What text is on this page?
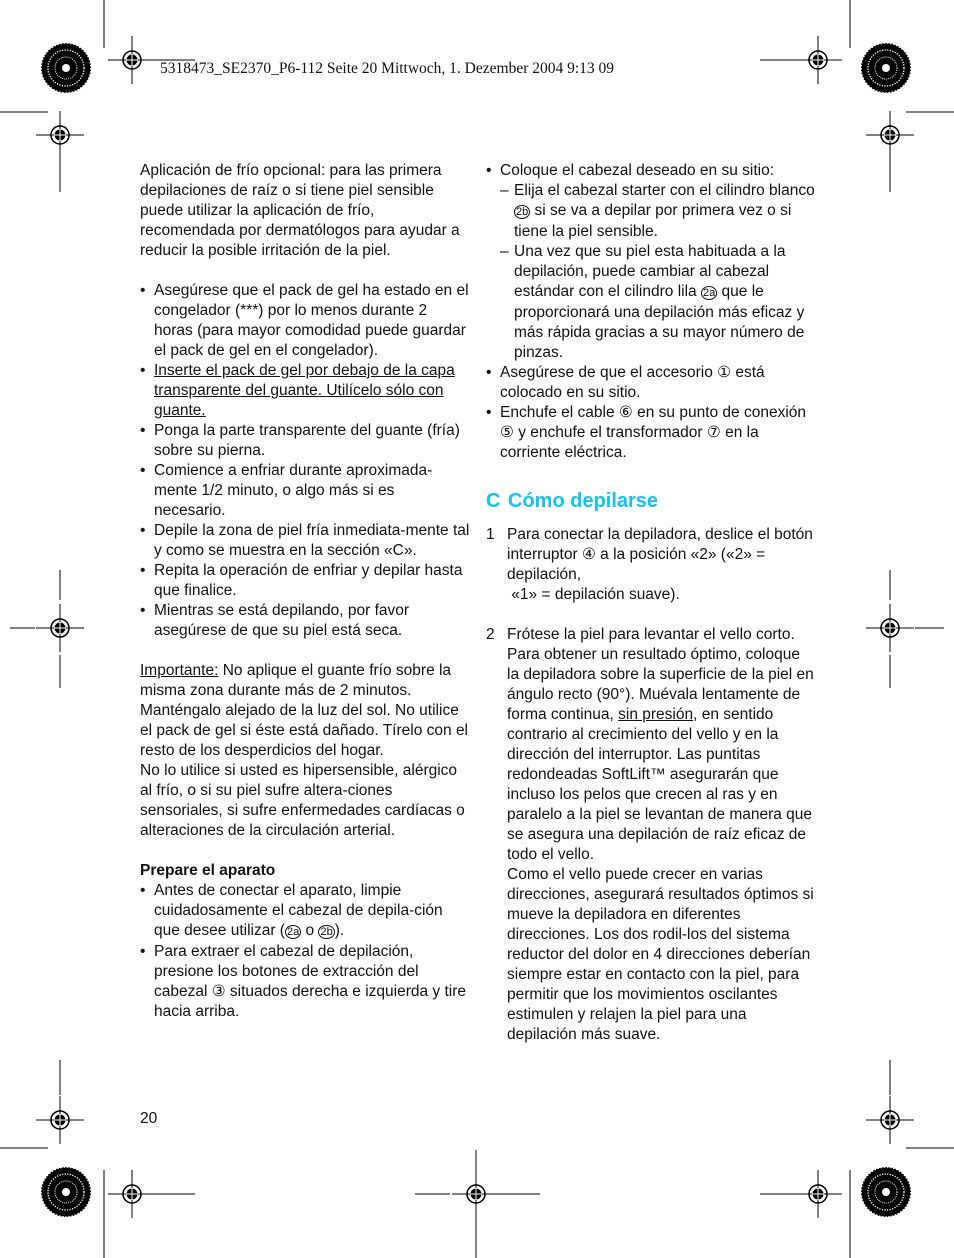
5318473_SE2370_P6-112 Seite 20 Mittwoch, 1. Dezember 2004 9:13 09

Aplicación de frío opcional: para las primera depilaciones de raíz o si tiene piel sensible puede utilizar la aplicación de frío, recomendada por dermatólogos para ayudar a reducir la posible irritación de la piel.

• Asegúrese que el pack de gel ha estado en el congelador (***) por lo menos durante 2 horas (para mayor comodidad puede guardar el pack de gel en el congelador).

• Inserte el pack de gel por debajo de la capa transparente del guante. Utilícelo sólo con guante.

• Ponga la parte transparente del guante (fría) sobre su pierna.

• Comience a enfriar durante aproximada-mente 1/2 minuto, o algo más si es necesario.

• Depile la zona de piel fría inmediata-mente tal y como se muestra en la sección «C».

• Repita la operación de enfriar y depilar hasta que finalice.

• Mientras se está depilando, por favor asegúrese de que su piel está seca.

Importante: No aplique el guante frío sobre la misma zona durante más de 2 minutos. Manténgalo alejado de la luz del sol. No utilice el pack de gel si éste está dañado. Tírelo con el resto de los desperdicios del hogar.

No lo utilice si usted es hipersensible, alérgico al frío, o si su piel sufre altera-ciones sensoriales, si sufre enfermedades cardíacas o alteraciones de la circulación arterial.

Prepare el aparato

• Antes de conectar el aparato, limpie cuidadosamente el cabezal de depila-ción que desee utilizar ( 2a o 2b ).

• Para extraer el cabezal de depilación, presione los botones de extracción del cabezal ③ situados derecha e izquierda y tire hacia arriba.

• Coloque el cabezal deseado en su sitio:

– Elija el cabezal starter con el cilindro blanco 2b si se va a depilar por primera vez o si tiene la piel sensible.

– Una vez que su piel esta habituada a la depilación, puede cambiar al cabezal estándar con el cilindro lila 2a que le proporcionará una depilación más eficaz y más rápida gracias a su mayor número de pinzas.

• Asegúrese de que el accesorio ① está colocado en su sitio.

• Enchufe el cable ⑥ en su punto de conexión ⑤ y enchufe el transformador ⑦ en la corriente eléctrica.

C Cómo depilarse
1 Para conectar la depiladora, deslice el botón interruptor ④ a la posición «2» («2» = depilación,

«1» = depilación suave).

2 Frótese la piel para levantar el vello corto. Para obtener un resultado óptimo, coloque la depiladora sobre la superficie de la piel en ángulo recto (90°). Muévala lentamente de forma continua, sin presión, en sentido contrario al crecimiento del vello y en la dirección del interruptor. Las puntitas redondeadas SoftLift™ asegurarán que incluso los pelos que crecen al ras y en paralelo a la piel se levantan de manera que se asegura una depilación de raíz eficaz de todo el vello.

Como el vello puede crecer en varias direcciones, asegurará resultados óptimos si mueve la depiladora en diferentes direcciones. Los dos rodil-los del sistema reductor del dolor en 4 direcciones deberían siempre estar en contacto con la piel, para permitir que los movimientos oscilantes estimulen y relajen la piel para una depilación más suave.

20
